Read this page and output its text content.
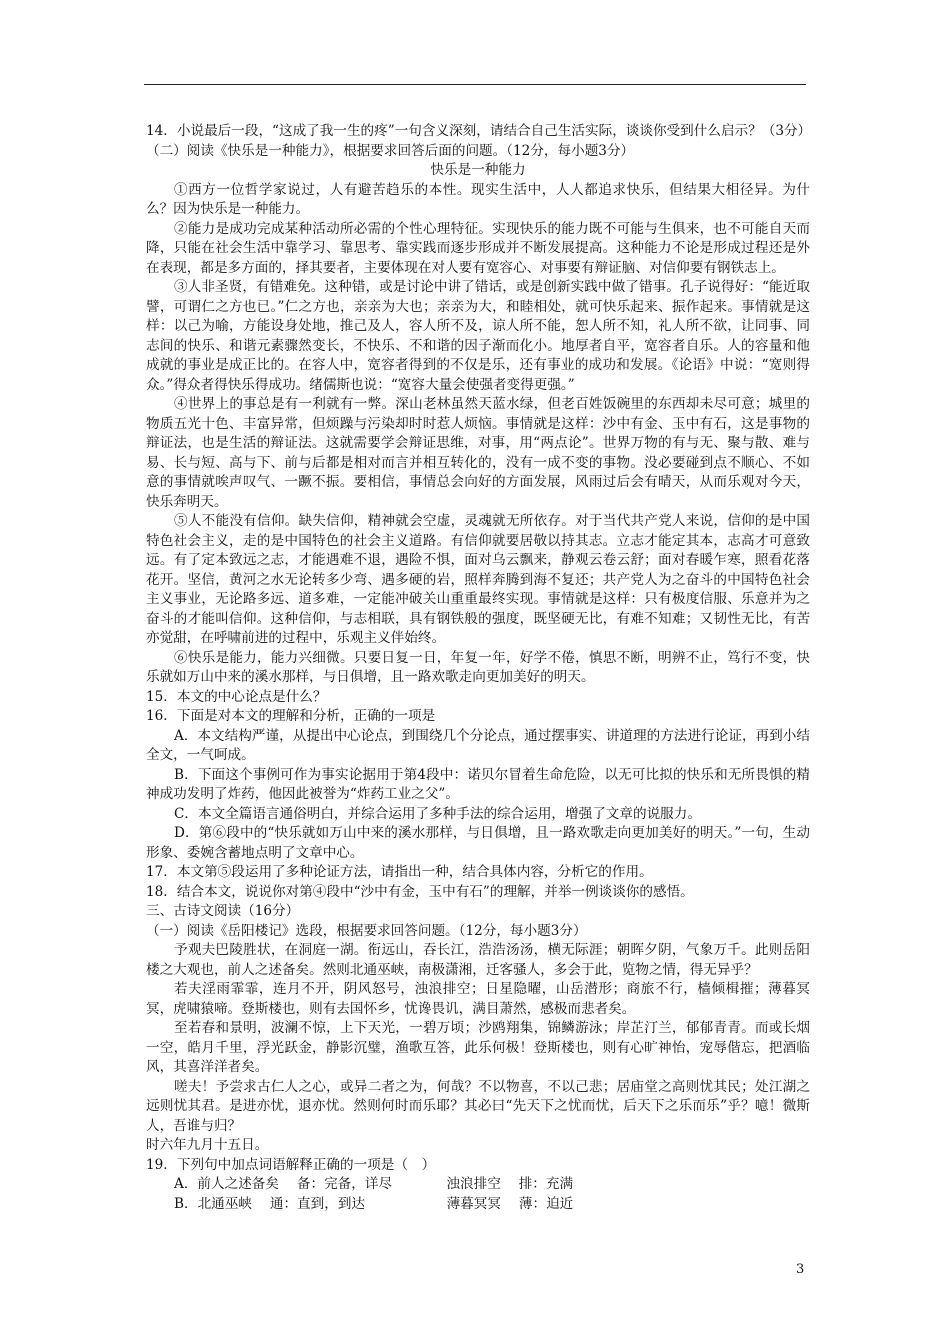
14．小说最后一段，“这成了我一生的疼”一句含义深刻，请结合自己生活实际，谈谈你受到什么启示？（3分）

（二）阅读《快乐是一种能力》，根据要求回答后面的问题。（12分，每小题3分）

快乐是一种能力

①西方一位哲学家说过，人有避苦趋乐的本性。现实生活中，人人都追求快乐，但结果大相径异。为什么？因为快乐是一种能力。

②能力是成功完成某种活动所必需的个性心理特征。实现快乐的能力既不可能与生俱来，也不可能自天而降，只能在社会生活中靠学习、靠思考、靠实践而逐步形成并不断发展提高。这种能力不论是形成过程还是外在表现，都是多方面的，择其要者，主要体现在对人要有宽容心、对事要有辩证脑、对信仰要有钢铁志上。

③人非圣贤，有错难免。这种错，或是讨论中讲了错话，或是创新实践中做了错事。孔子说得好：“能近取譬，可谓仁之方也已。”仁之方也，亲亲为大也；亲亲为大，和睦相处，就可快乐起来、振作起来。事情就是这样：以己为喻，方能设身处地，推己及人，容人所不及，谅人所不能，恕人所不知，礼人所不欲，让同事、同志间的快乐、和谐元素骤然变长，不快乐、不和谐的因子渐而化小。地厚者自平，宽容者自乐。人的容量和他成就的事业是成正比的。在容人中，宽容者得到的不仅是乐，还有事业的成功和发展。《论语》中说：“宽则得众。”得众者得快乐得成功。绪儒斯也说：“宽容大量会使强者变得更强。”

④世界上的事总是有一利就有一弊。深山老林虽然天蓝水绿，但老百姓饭碗里的东西却未尽可意；城里的物质五光十色、丰富异常，但烦躁与污染却时时惹人烦恼。事情就是这样：沙中有金、玉中有石，这是事物的辩证法，也是生活的辩证法。这就需要学会辩证思维，对事，用“两点论”。世界万物的有与无、聚与散、难与易、长与短、高与下、前与后都是相对而言并相互转化的，没有一成不变的事物。没必要碰到点不顺心、不如意的事情就唉声叹气、一蹶不振。要相信，事情总会向好的方面发展，风雨过后会有晴天，从而乐观对今天，快乐奔明天。

⑤人不能没有信仰。缺失信仰，精神就会空虚，灵魂就无所依存。对于当代共产党人来说，信仰的是中国特色社会主义，走的是中国特色的社会主义道路。有信仰就要居敬以持其志。立志才能定其本，志高才可意致远。有了定本致远之志，才能遇难不退，遇险不惧，面对乌云飘来，静观云卷云舒；面对春暖乍寒，照看花落花开。坚信，黄河之水无论转多少弯、遇多硬的岩，照样奔腾到海不复还；共产党人为之奋斗的中国特色社会主义事业，无论路多远、道多难，一定能冲破关山重重最终实现。事情就是这样：只有极度信服、乐意并为之奋斗的才能叫信仰。这种信仰，与志相联，具有钢铁般的强度，既坚硬无比，有难不知难；又韧性无比，有苦亦觉甜，在呼啸前进的过程中，乐观主义伴始终。

⑥快乐是能力，能力兴细微。只要日复一日，年复一年，好学不倦，慎思不断，明辨不止，笃行不变，快乐就如万山中来的溪水那样，与日俱增，且一路欢歌走向更加美好的明天。

15．本文的中心论点是什么？

16．下面是对本文的理解和分析，正确的一项是

A．本文结构严谨，从提出中心论点，到围绕几个分论点，通过摆事实、讲道理的方法进行论证，再到小结全文，一气呵成。

B．下面这个事例可作为事实论据用于第4段中：诺贝尔冒着生命危险，以无可比拟的快乐和无所畏惧的精神成功发明了炸药，他因此被誉为“炸药工业之父”。

C．本文全篇语言通俗明白，并综合运用了多种手法的综合运用，增强了文章的说服力。

D．第⑥段中的“快乐就如万山中来的溪水那样，与日俱增，且一路欢歌走向更加美好的明天。”一句，生动形象、委婉含蓄地点明了文章中心。

17．本文第⑤段运用了多种论证方法，请指出一种，结合具体内容，分析它的作用。

18．结合本文，说说你对第④段中“沙中有金，玉中有石”的理解，并举一例谈谈你的感悟。

三、古诗文阅读（16分）

（一）阅读《岳阳楼记》选段，根据要求回答问题。（12分，每小题3分）

予观夫巴陵胜状，在洞庭一湖。衔远山，吞长江，浩浩汤汤，横无际涯；朝晖夕阴，气象万千。此则岳阳楼之大观也，前人之述备矣。然则北通巫峡，南极潇湘，迁客骚人，多会于此，览物之情，得无异乎？

若夫淫雨霏霏，连月不开，阴风怒号，浊浪排空；日星隐曜，山岳潜形；商旅不行，樯倾楫摧；薄暮冥冥，虎啸猿啼。登斯楼也，则有去国怀乡，忧谗畏讥，满目萧然，感极而悲者矣。

至若春和景明，波澜不惊，上下天光，一碧万顷；沙鸥翔集，锦鳞游泳；岸芷汀兰，郁郁青青。而或长烟一空，皓月千里，浮光跃金，静影沉璧，渔歌互答，此乐何极！登斯楼也，则有心旷神怡，宠辱偕忘，把酒临风，其喜洋洋者矣。

嗟夫！予尝求古仁人之心，或异二者之为，何哉？不以物喜，不以己悲；居庙堂之高则忧其民；处江湖之远则忧其君。是进亦忧，退亦忧。然则何时而乐耶？其必曰“先天下之忧而忧，后天下之乐而乐”乎？噫！微斯人，吾谁与归？

时六年九月十五日。

19．下列句中加点词语解释正确的一项是（　）

A．前人之述备矣　 备：完备，详尽　　　　浊浪排空　 排：充满

B．北通巫峡　 通：直到，到达　　　　　　薄暮冥冥　 薄：迫近

3
